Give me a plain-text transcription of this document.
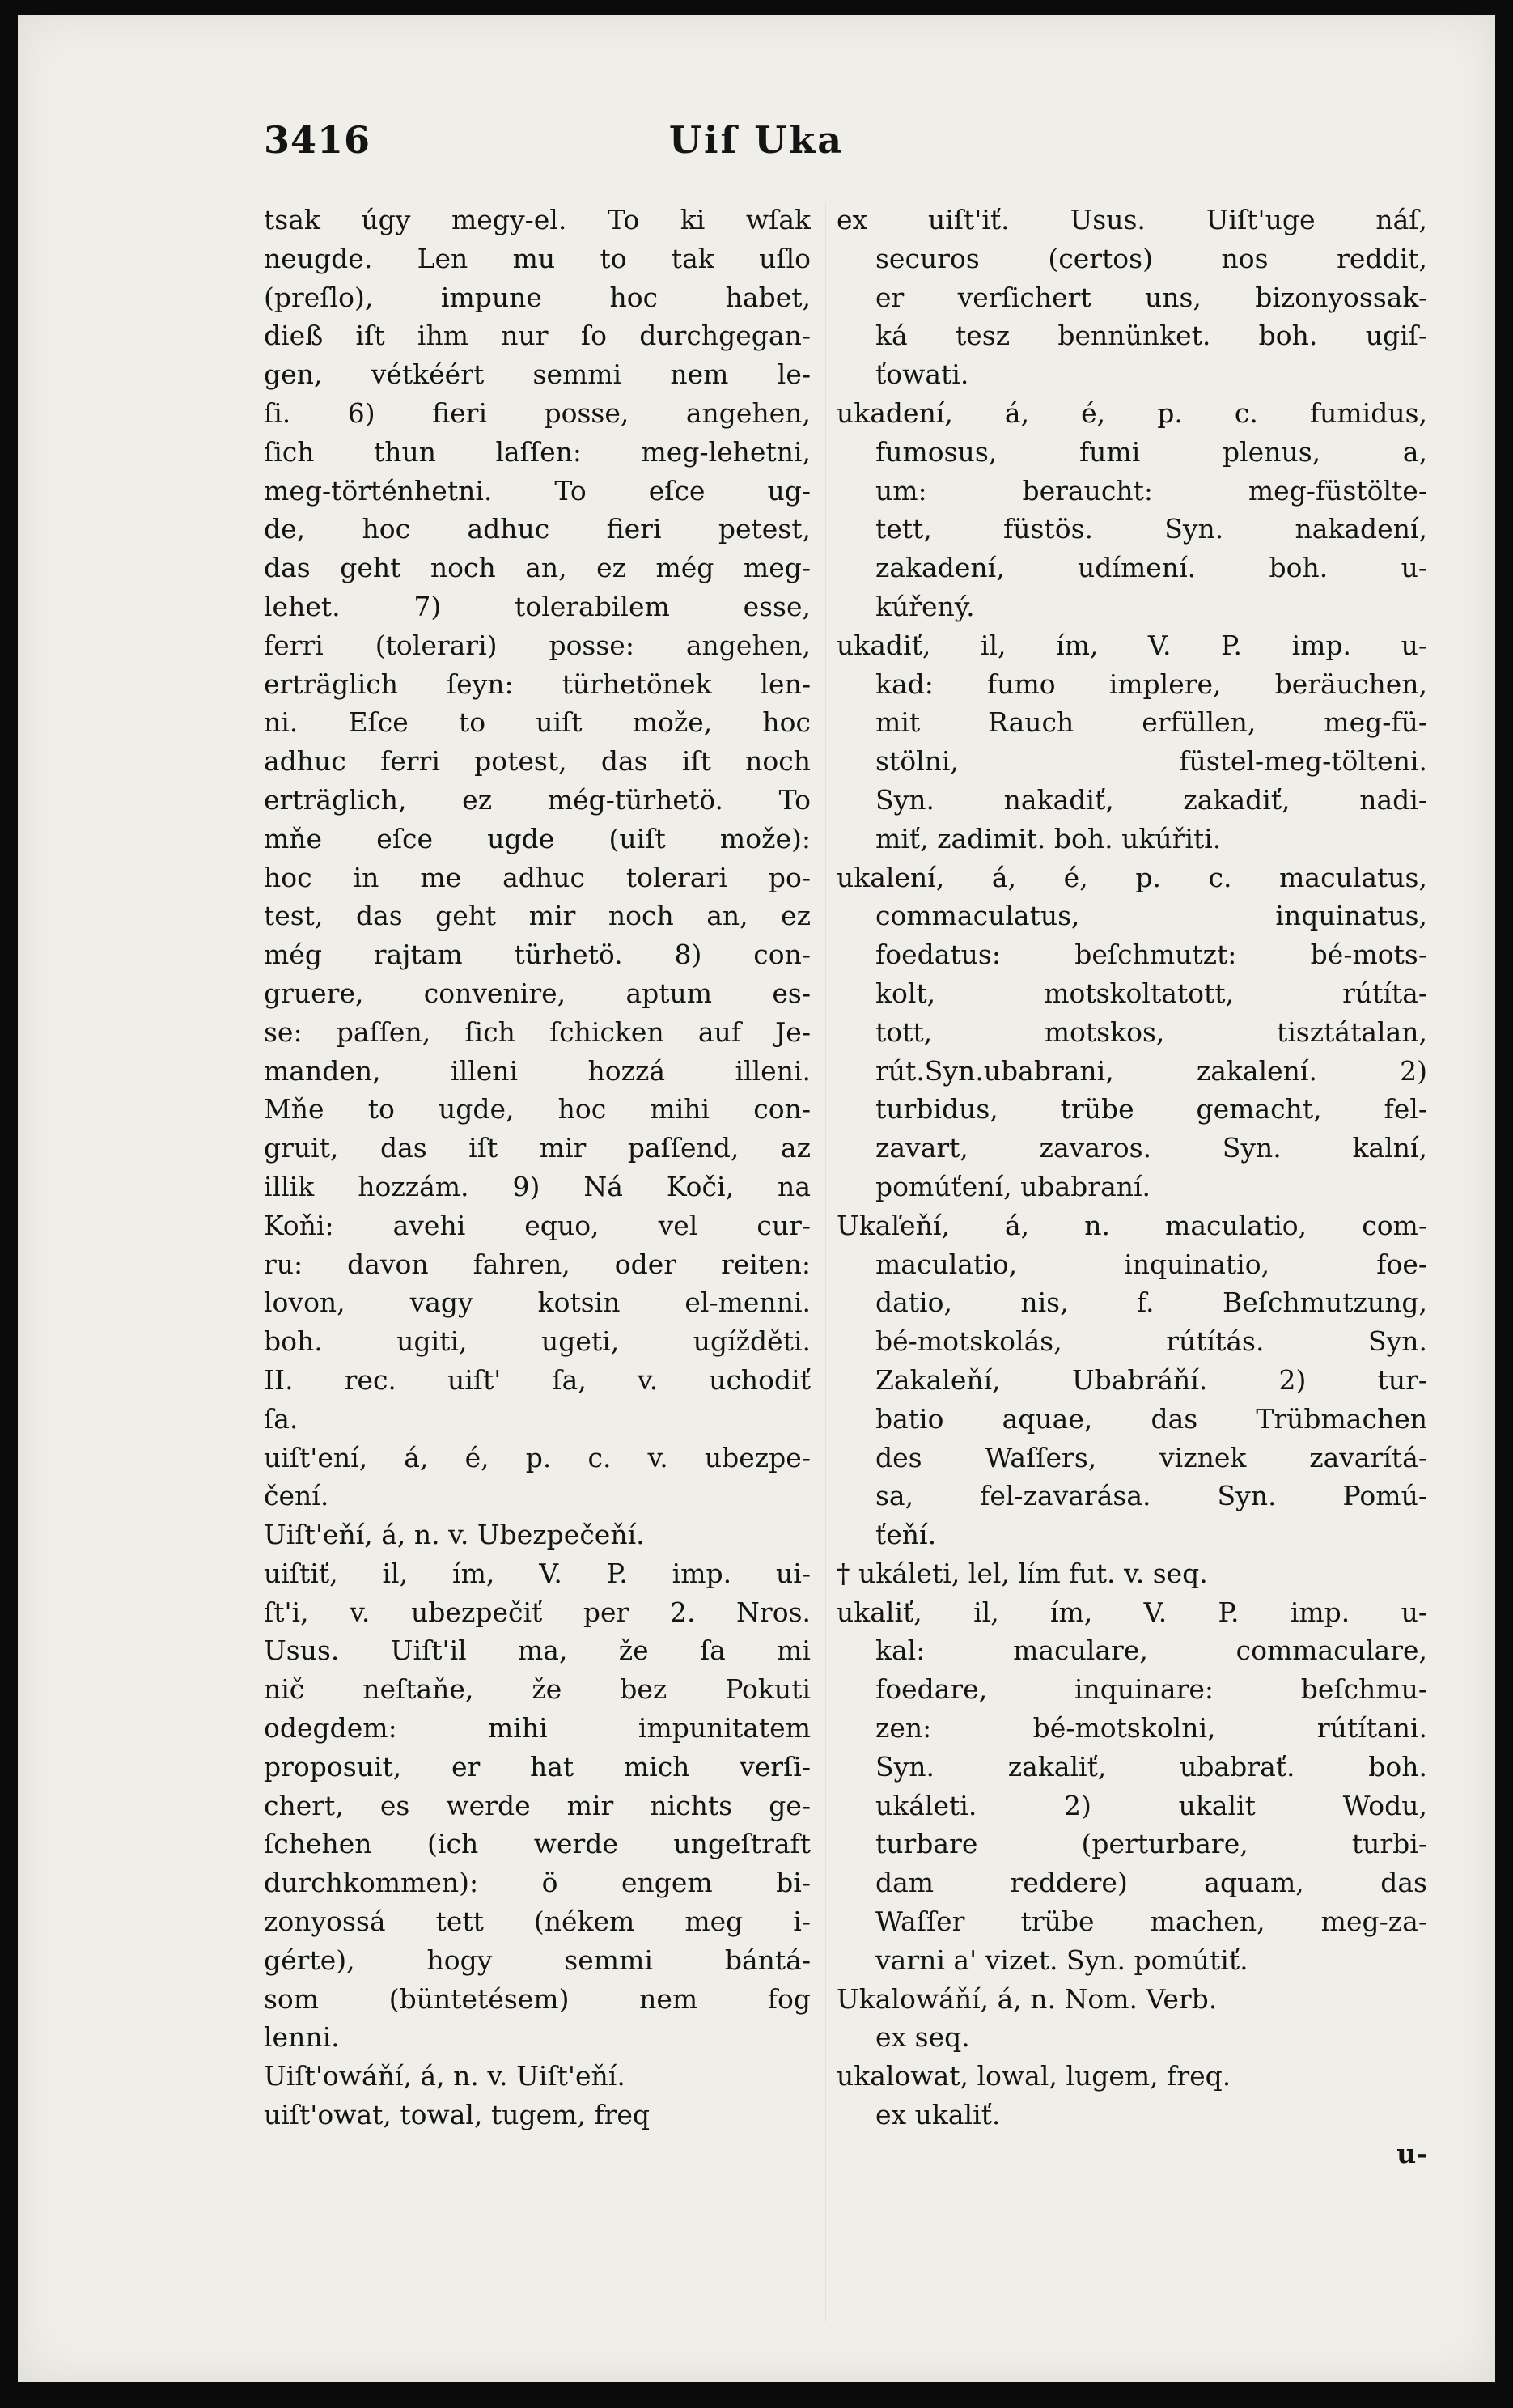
3416	Uiſ Uka
tsak úgy megy-el. To ki wſak
neugde. Len mu to tak uſlo
(preſlo), impune hoc habet,
dieß iſt ihm nur ſo durchgegan-
gen, vétkéért semmi nem le-
ſi. 6) fieri posse, angehen,
ſich thun laſſen: meg-lehetni,
meg-történhetni. To eſce ug-
de, hoc adhuc fieri petest,
das geht noch an, ez még meg-
lehet. 7) tolerabilem esse,
ferri (tolerari) posse: angehen,
erträglich ſeyn: türhetönek len-
ni. Eſce to uiſt može, hoc
adhuc ferri potest, das iſt noch
erträglich, ez még-türhetö. To
mňe eſce ugde (uiſt može):
hoc in me adhuc tolerari po-
test, das geht mir noch an, ez
még rajtam türhetö. 8) con-
gruere, convenire, aptum es-
se: paſſen, ſich ſchicken auf Je-
manden, illeni hozzá illeni.
Mňe to ugde, hoc mihi con-
gruit, das iſt mir paſſend, az
illik hozzám. 9) Ná Koči, na
Koňi: avehi equo, vel cur-
ru: davon fahren, oder reiten:
lovon, vagy kotsin el-menni.
boh. ugiti, ugeti, ugížděti.
II. rec. uiſt' ſa, v. uchodiť
ſa.
uiſt'ení, á, é, p. c. v. ubezpe-
čení.
Uiſt'eňí, á, n. v. Ubezpečeňí.
uiſtiť, il, ím, V. P. imp. ui-
ſt'i, v. ubezpečiť per 2. Nros.
Usus. Uiſt'il ma, že ſa mi
nič neſtaňe, že bez Pokuti
odegdem: mihi impunitatem
proposuit, er hat mich verſi-
chert, es werde mir nichts ge-
ſchehen (ich werde ungeſtraft
durchkommen): ö engem bi-
zonyossá tett (nékem meg i-
gérte), hogy semmi bántá-
som (büntetésem) nem fog
lenni.
Uiſt'owáňí, á, n. v. Uiſt'eňí.
uiſt'owat, towal, tugem, freq
ex uiſt'iť. Usus. Uiſt'uge náſ,
securos (certos) nos reddit,
er verſichert uns, bizonyossak-
ká tesz bennünket. boh. ugiſ-
ťowati.
ukadení, á, é, p. c. fumidus,
fumosus, fumi plenus, a,
um: beraucht: meg-füstölte-
tett, füstös. Syn. nakadení,
zakadení, udímení. boh. u-
kúřený.
ukadiť, il, ím, V. P. imp. u-
kad: fumo implere, beräuchen,
mit Rauch erfüllen, meg-fü-
stölni, füstel-meg-tölteni.
Syn. nakadiť, zakadiť, nadi-
miť, zadimit. boh. ukúřiti.
ukalení, á, é, p. c. maculatus,
commaculatus, inquinatus,
foedatus: beſchmutzt: bé-mots-
kolt, motskoltatott, rútíta-
tott, motskos, tisztátalan,
rút.Syn.ubabrani, zakalení. 2)
turbidus, trübe gemacht, fel-
zavart, zavaros. Syn. kalní,
pomúťení, ubabraní.
Ukaľeňí, á, n. maculatio, com-
maculatio, inquinatio, foe-
datio, nis, f. Beſchmutzung,
bé-motskolás, rútítás. Syn.
Zakaleňí, Ubabráňí. 2) tur-
batio aquae, das Trübmachen
des Waſſers, viznek zavarítá-
sa, fel-zavarása. Syn. Pomú-
ťeňí.
† ukáleti, lel, lím fut. v. seq.
ukaliť, il, ím, V. P. imp. u-
kal: maculare, commaculare,
foedare, inquinare: beſchmu-
zen: bé-motskolni, rútítani.
Syn. zakaliť, ubabrať. boh.
ukáleti. 2) ukalit Wodu,
turbare (perturbare, turbi-
dam reddere) aquam, das
Waſſer trübe machen, meg-za-
varni a' vizet. Syn. pomútiť.
Ukalowáňí, á, n. Nom. Verb.
ex seq.
ukalowat, lowal, lugem, freq.
ex ukaliť.
u-
